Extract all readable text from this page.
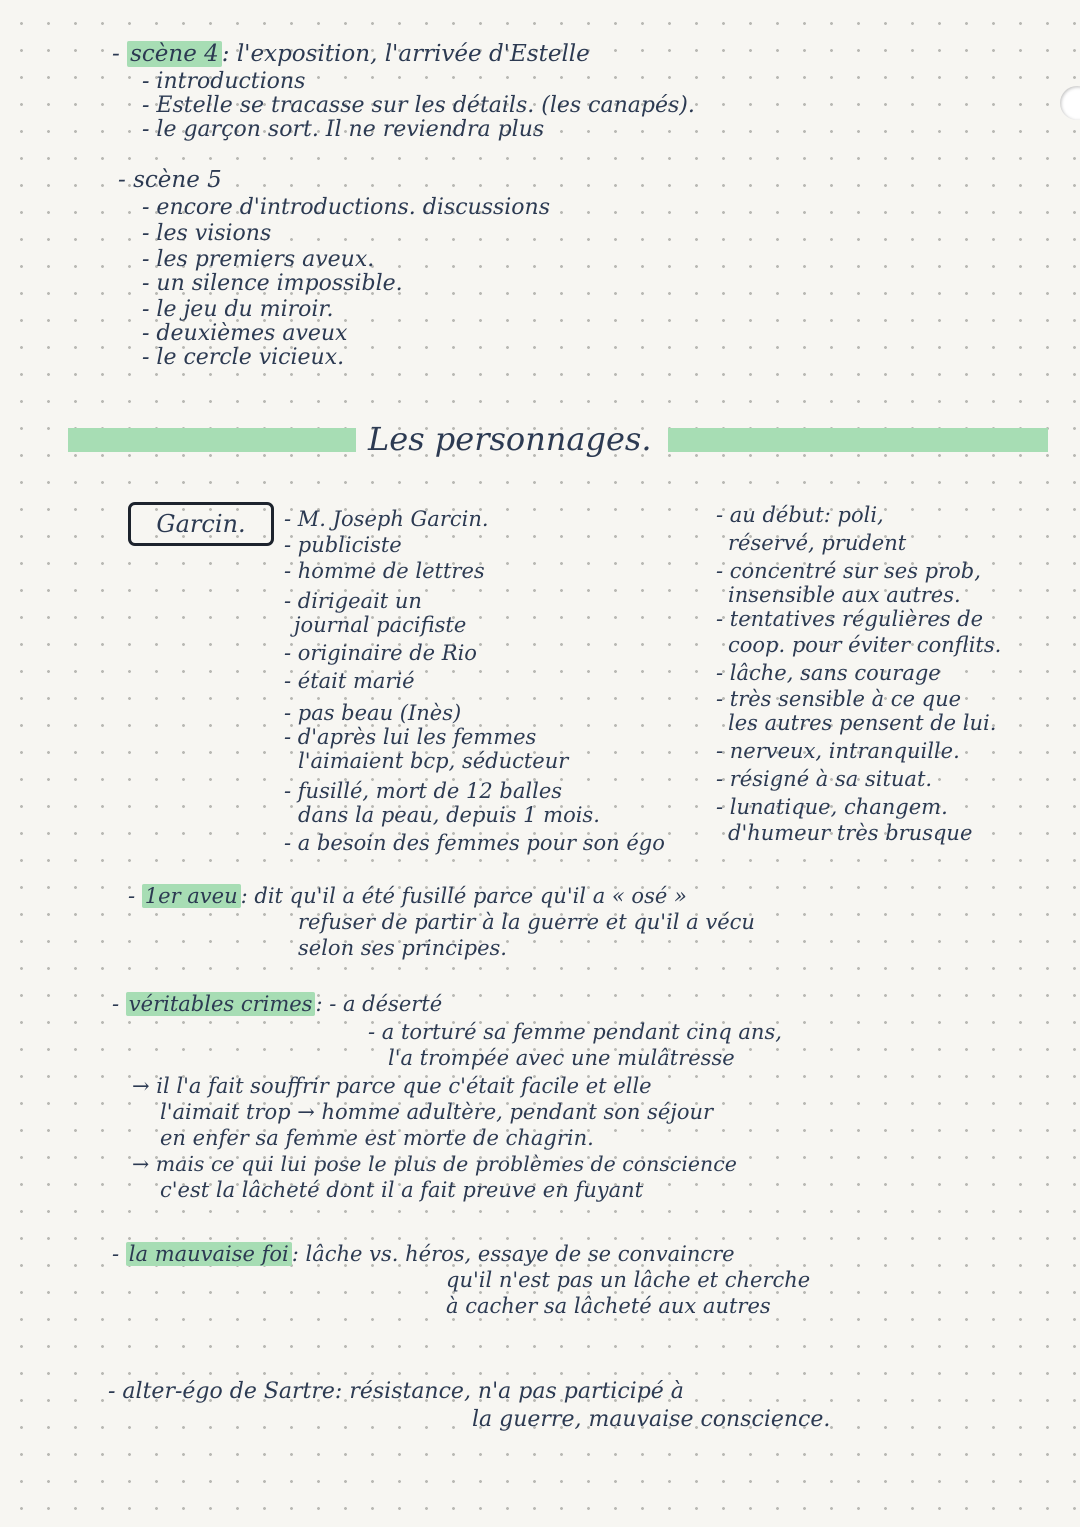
- scène 4 : l'exposition, l'arrivée d'Estelle
- introductions
- Estelle se tracasse sur les détails. (les canapés).
- le garçon sort. Il ne reviendra plus
- scène 5
- encore d'introductions. discussions
- les visions
- les premiers aveux.
- un silence impossible.
- le jeu du miroir.
- deuxièmes aveux
- le cercle vicieux.
Les personnages.
Garcin.	- M. Joseph Garcin.
- publiciste
- homme de lettres
- dirigeait un
journal pacifiste
- originaire de Rio
- était marié
- pas beau (Inès)
- d'après lui les femmes
l'aimaient bcp, séducteur
- fusillé, mort de 12 balles
dans la peau, depuis 1 mois.
- a besoin des femmes pour son égo
- au début: poli,
réservé, prudent
- concentré sur ses prob,
insensible aux autres.
- tentatives régulières de
coop. pour éviter conflits.
- lâche, sans courage
- très sensible à ce que
les autres pensent de lui.
- nerveux, intranquille.
- résigné à sa situat.
- lunatique, changem.
d'humeur très brusque
- 1er aveu : dit qu'il a été fusillé parce qu'il a « osé »
refuser de partir à la guerre et qu'il a vécu
selon ses principes.
- véritables crimes : - a déserté
- a torturé sa femme pendant cinq ans,
l'a trompée avec une mulâtresse
→ il l'a fait souffrir parce que c'était facile et elle
l'aimait trop → homme adultère, pendant son séjour
en enfer sa femme est morte de chagrin.
→ mais ce qui lui pose le plus de problèmes de conscience
c'est la lâcheté dont il a fait preuve en fuyant
- la mauvaise foi : lâche vs. héros, essaye de se convaincre
qu'il n'est pas un lâche et cherche
à cacher sa lâcheté aux autres
- alter-égo de Sartre: résistance, n'a pas participé à
la guerre, mauvaise conscience.
